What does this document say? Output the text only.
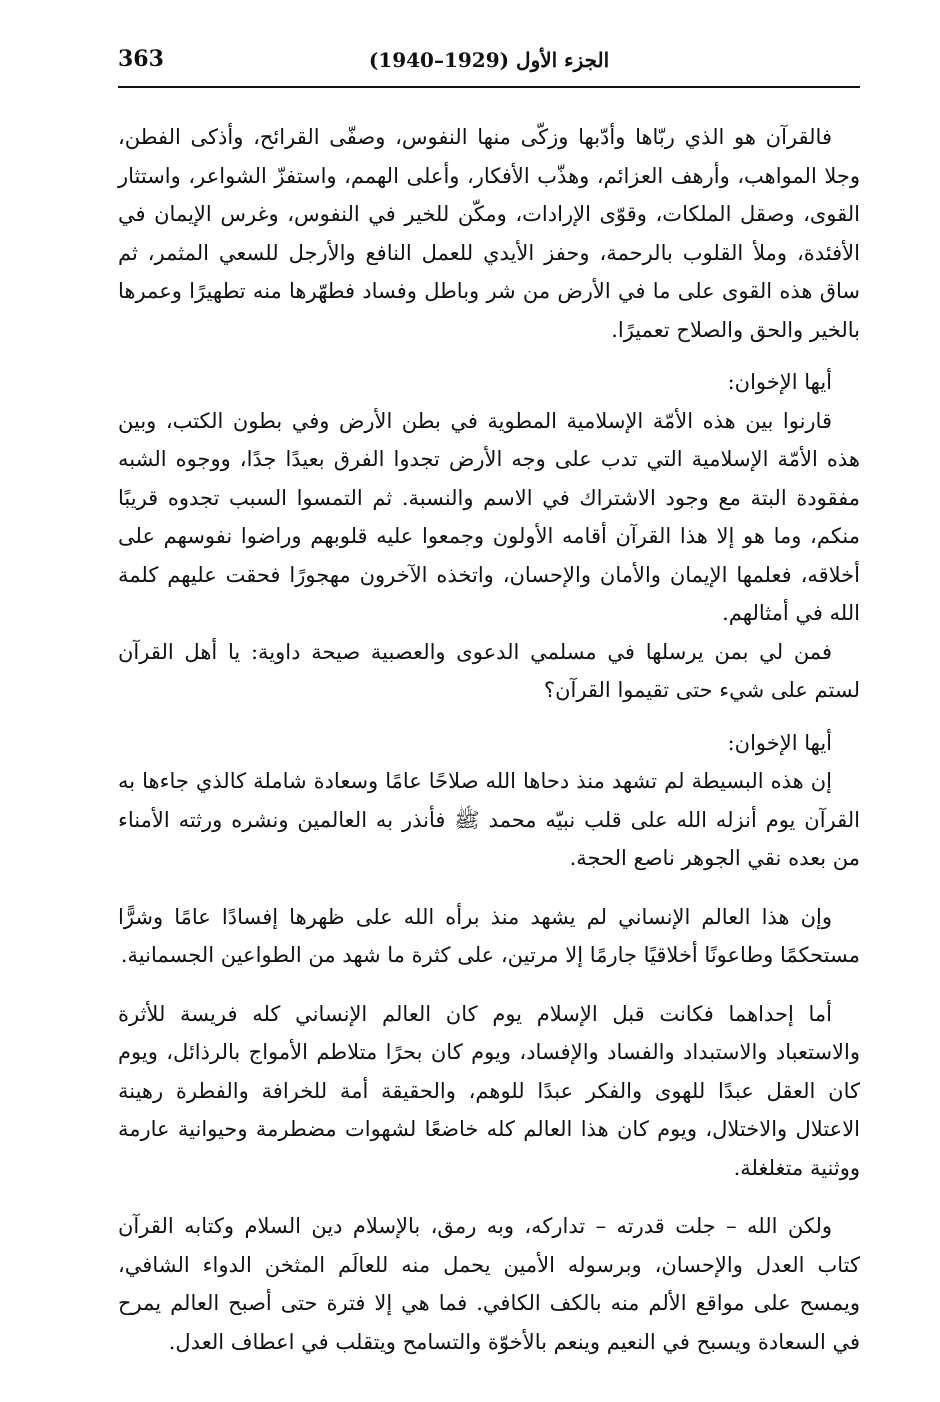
363	الجزء الأول (1929–1940)

فالقرآن هو الذي ربّاها وأدّبها وزكّى منها النفوس، وصفّى القرائح، وأذكى الفطن، وجلا المواهب، وأرهف العزائم، وهذّب الأفكار، وأعلى الهمم، واستفزّ الشواعر، واستثار القوى، وصقل الملكات، وقوّى الإرادات، ومكّن للخير في النفوس، وغرس الإيمان في الأفئدة، وملأ القلوب بالرحمة، وحفز الأيدي للعمل النافع والأرجل للسعي المثمر، ثم ساق هذه القوى على ما في الأرض من شر وباطل وفساد فطهّرها منه تطهيرًا وعمرها بالخير والحق والصلاح تعميرًا.

أيها الإخوان:

قارنوا بين هذه الأمّة الإسلامية المطوية في بطن الأرض وفي بطون الكتب، وبين هذه الأمّة الإسلامية التي تدب على وجه الأرض تجدوا الفرق بعيدًا جدًا، ووجوه الشبه مفقودة البتة مع وجود الاشتراك في الاسم والنسبة. ثم التمسوا السبب تجدوه قريبًا منكم، وما هو إلا هذا القرآن أقامه الأولون وجمعوا عليه قلوبهم وراضوا نفوسهم على أخلاقه، فعلمها الإيمان والأمان والإحسان، واتخذه الآخرون مهجورًا فحقت عليهم كلمة الله في أمثالهم.

فمن لي بمن يرسلها في مسلمي الدعوى والعصبية صيحة داوية: يا أهل القرآن لستم على شيء حتى تقيموا القرآن؟

أيها الإخوان:

إن هذه البسيطة لم تشهد منذ دحاها الله صلاحًا عامًا وسعادة شاملة كالذي جاءها به القرآن يوم أنزله الله على قلب نبيّه محمد ﷺ فأنذر به العالمين ونشره ورثته الأمناء من بعده نقي الجوهر ناصع الحجة.

وإن هذا العالم الإنساني لم يشهد منذ برأه الله على ظهرها إفسادًا عامًا وشرًّا مستحكمًا وطاعونًا أخلاقيًا جارمًا إلا مرتين، على كثرة ما شهد من الطواعين الجسمانية.

أما إحداهما فكانت قبل الإسلام يوم كان العالم الإنساني كله فريسة للأثرة والاستعباد والاستبداد والفساد والإفساد، ويوم كان بحرًا متلاطم الأمواج بالرذائل، ويوم كان العقل عبدًا للهوى والفكر عبدًا للوهم، والحقيقة أمة للخرافة والفطرة رهينة الاعتلال والاختلال، ويوم كان هذا العالم كله خاضعًا لشهوات مضطرمة وحيوانية عارمة ووثنية متغلغلة.

ولكن الله – جلت قدرته – تداركه، وبه رمق، بالإسلام دين السلام وكتابه القرآن كتاب العدل والإحسان، وبرسوله الأمين يحمل منه للعالَم المثخن الدواء الشافي، ويمسح على مواقع الألم منه بالكف الكافي. فما هي إلا فترة حتى أصبح العالم يمرح في السعادة ويسبح في النعيم وينعم بالأخوّة والتسامح ويتقلب في اعطاف العدل.
